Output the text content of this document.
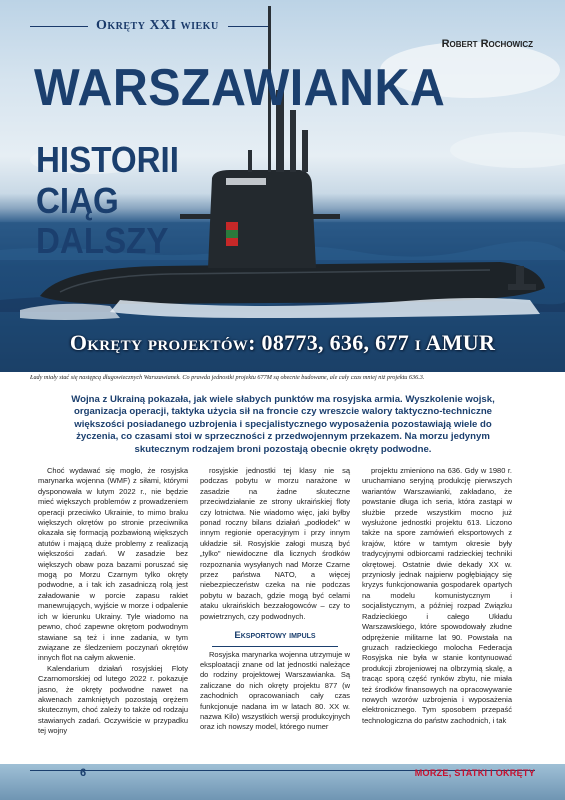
Okręty XXI wieku
Robert Rochowicz
WARSZAWIANKA
HISTORII
CIĄG
DALSZY
Okręty projektów: 08773, 636, 677 i AMUR
Łady miały stać się następcą długowiecznych Warszawianek. Co prawda jednostki projektu 677M są obecnie budowane, ale cały czas mniej niż projektu 636.3.
Wojna z Ukrainą pokazała, jak wiele słabych punktów ma rosyjska armia. Wyszkolenie wojsk, organizacja operacji, taktyka użycia sił na froncie czy wreszcie walory taktyczno-techniczne większości posiadanego uzbrojenia i specjalistycznego wyposażenia pozostawiają wiele do życzenia, co czasami stoi w sprzeczności z przedwojennym przekazem. Na morzu jedynym skutecznym rodzajem broni pozostają obecnie okręty podwodne.

Choć wydawać się mogło, że rosyjska marynarka wojenna (WMF) z siłami, którymi dysponowała w lutym 2022 r., nie będzie mieć większych problemów z prowadzeniem operacji przeciwko Ukrainie, to mimo braku większych okrętów po stronie przeciwnika okazała się formacją pozbawioną większych atutów i mającą duże problemy z realizacją większości zadań. W zasadzie bez większych obaw poza bazami poruszać się mogą po Morzu Czarnym tylko okręty podwodne, a i tak ich zasadniczą rolą jest załadowanie w porcie zapasu rakiet manewrujących, wyjście w morze i odpalenie ich w kierunku Ukrainy. Tyle wiadomo na pewno, choć zapewne okrętom podwodnym stawiane są też i inne zadania, w tym związane ze śledzeniem poczynań okrętów innych flot na całym akwenie.

Kalendarium działań rosyjskiej Floty Czarnomorskiej od lutego 2022 r. pokazuje jasno, że okręty podwodne nawet na akwenach zamkniętych pozostają orężem skutecznym, choć zależy to także od rodzaju stawianych zadań. Oczywiście w przypadku tej wojny

rosyjskie jednostki tej klasy nie są podczas pobytu w morzu narażone w zasadzie na żadne skuteczne przeciwdziałanie ze strony ukraińskiej floty czy lotnictwa. Nie wiadomo więc, jaki byłby ponad roczny bilans działań „podłodek" w innym regionie operacyjnym i przy innym układzie sił. Rosyjskie załogi muszą być „tylko" niewidoczne dla licznych środków rozpoznania wysyłanych nad Morze Czarne przez państwa NATO, a więcej niebezpieczeństw czeka na nie podczas pobytu w bazach, gdzie mogą być celami ataku ukraińskich bezzałogowców – czy to powietrznych, czy podwodnych.

Eksportowy impuls

Rosyjska marynarka wojenna utrzymuje w eksploatacji znane od lat jednostki należące do rodziny projektowej Warszawianka. Są zaliczane do nich okręty projektu 877 (w zachodnich opracowaniach cały czas funkcjonuje nadana im w latach 80. XX w. nazwa Kilo) wszystkich wersji produkcyjnych oraz ich nowszy model, którego numer

projektu zmieniono na 636. Gdy w 1980 r. uruchamiano seryjną produkcję pierwszych wariantów Warszawianki, zakładano, że powstanie długa ich seria, która zastąpi w służbie przede wszystkim mocno już wysłużone jednostki projektu 613. Liczono także na spore zamówień eksportowych z krajów, które w tamtym okresie były tradycyjnymi odbiorcami radzieckiej techniki okrętowej. Ostatnie dwie dekady XX w. przyniosły jednak najpierw pogłębiający się kryzys funkcjonowania gospodarek opartych na modelu komunistycznym i socjalistycznym, a później rozpad Związku Radzieckiego i całego Układu Warszawskiego, które spowodowały złudne odprężenie militarne lat 90. Powstała na gruzach radzieckiego molocha Federacja Rosyjska nie była w stanie kontynuować produkcji zbrojeniowej na olbrzymią skalę, a tracąc sporą część rynków zbytu, nie miała też środków finansowych na opracowywanie nowych wzorów uzbrojenia i wyposażenia elektronicznego. Tym sposobem przepaść technologiczna do państw zachodnich, i tak

6	MORZE, STATKI I OKRĘTY
